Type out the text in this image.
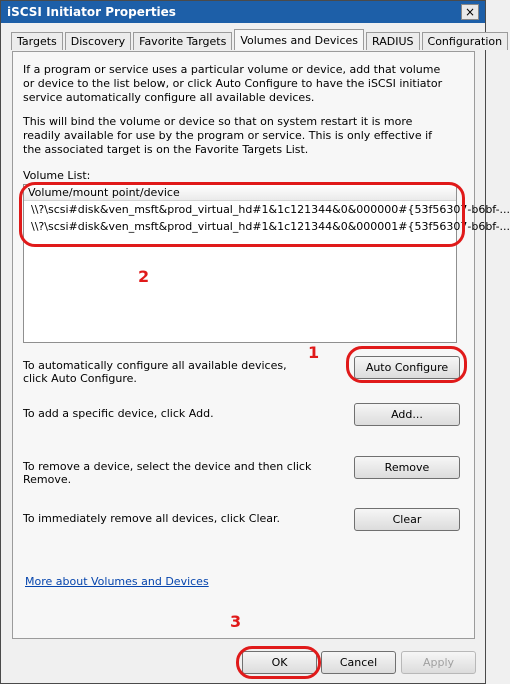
iSCSI Initiator Properties	×
Targets	Discovery	Favorite Targets	Volumes and Devices	RADIUS	Configuration
If a program or service uses a particular volume or device, add that volume or device to the list below, or click Auto Configure to have the iSCSI initiator service automatically configure all available devices.
This will bind the volume or device so that on system restart it is more readily available for use by the program or service. This is only effective if the associated target is on the Favorite Targets List.
Volume List:
Volume/mount point/device
\\?\scsi#disk&ven_msft&prod_virtual_hd#1&1c121344&0&000000#{53f56307-b6bf-...
\\?\scsi#disk&ven_msft&prod_virtual_hd#1&1c121344&0&000001#{53f56307-b6bf-...
To automatically configure all available devices, click Auto Configure.
Auto Configure
To add a specific device, click Add.	Add...
To remove a device, select the device and then click Remove.
Remove
To immediately remove all devices, click Clear.	Clear
More about Volumes and Devices
OK	Cancel	Apply
1
2
3
